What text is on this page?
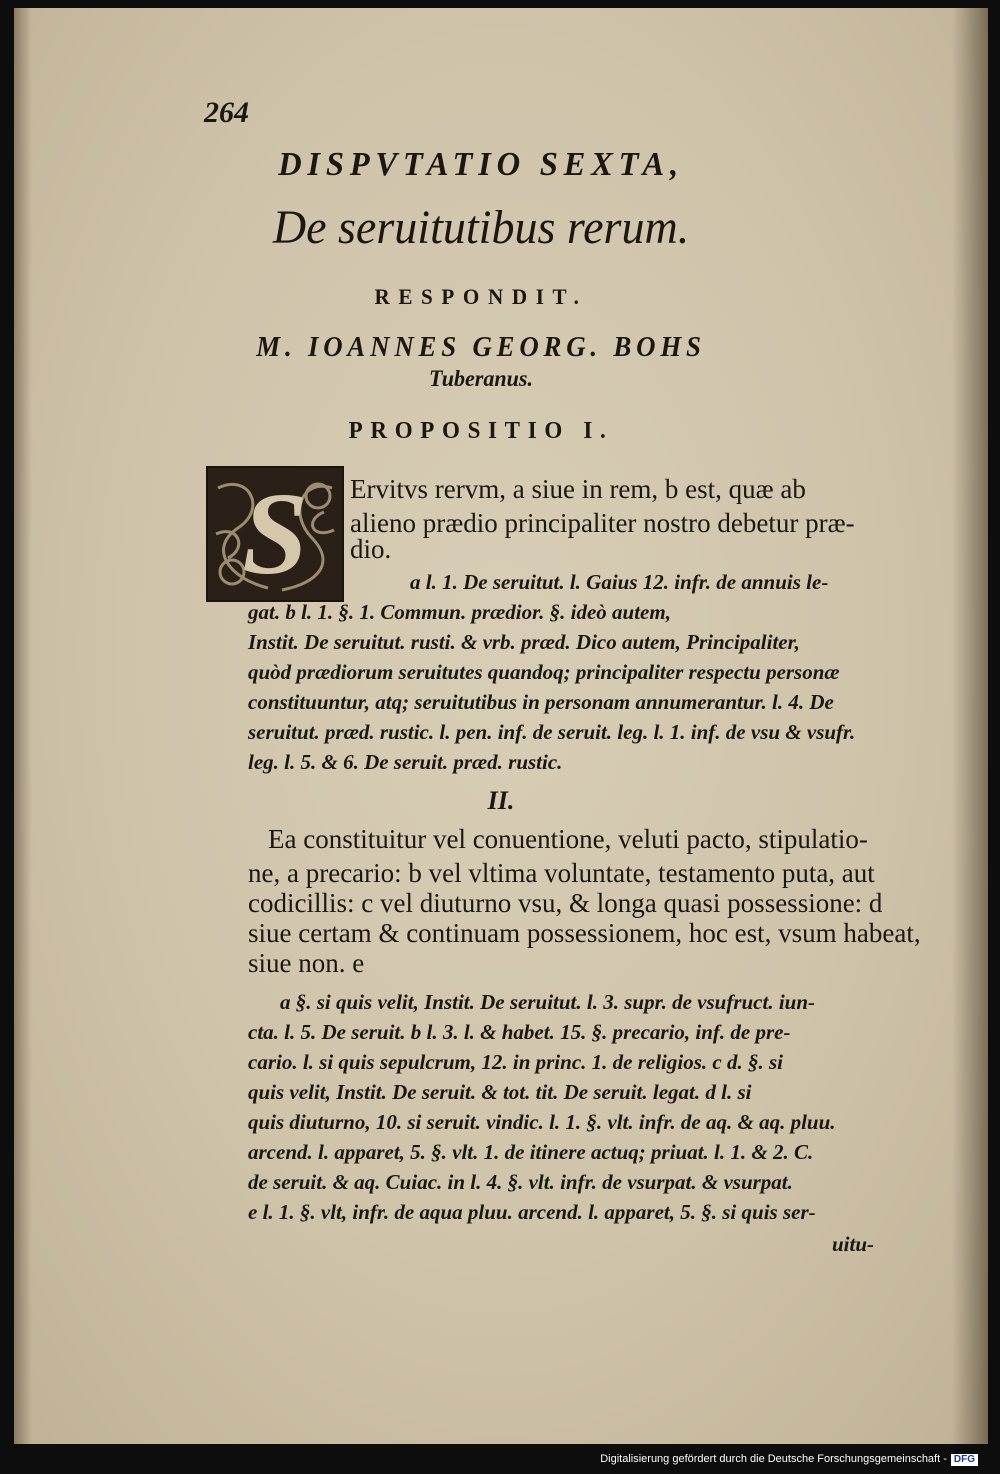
264
DISPVTATIO SEXTA,
De seruitutibus rerum.
RESPONDIT.
M. IOANNES GEORG. BOHS
Tuberanus.
PROPOSITIO I.
S	Ervitvs rervm, a siue in rem, b est, quæ ab
alieno prædio principaliter nostro debetur præ-
dio.
a l. 1. De seruitut. l. Gaius 12. infr. de annuis le-
gat. b l. 1. §. 1. Commun. prædior. §. ideò autem,
Instit. De seruitut. rusti. & vrb. præd. Dico autem, Principaliter,
quòd prædiorum seruitutes quandoq; principaliter respectu personæ
constituuntur, atq; seruitutibus in personam annumerantur. l. 4. De
seruitut. præd. rustic. l. pen. inf. de seruit. leg. l. 1. inf. de vsu & vsufr.
leg. l. 5. & 6. De seruit. præd. rustic.
II.
Ea constituitur vel conuentione, veluti pacto, stipulatio-
ne, a precario: b vel vltima voluntate, testamento puta, aut
codicillis: c vel diuturno vsu, & longa quasi possessione: d
siue certam & continuam possessionem, hoc est, vsum habeat,
siue non. e
a §. si quis velit, Instit. De seruitut. l. 3. supr. de vsufruct. iun-
cta. l. 5. De seruit. b l. 3. l. & habet. 15. §. precario, inf. de pre-
cario. l. si quis sepulcrum, 12. in princ. 1. de religios. c d. §. si
quis velit, Instit. De seruit. & tot. tit. De seruit. legat. d l. si
quis diuturno, 10. si seruit. vindic. l. 1. §. vlt. infr. de aq. & aq. pluu.
arcend. l. apparet, 5. §. vlt. 1. de itinere actuq; priuat. l. 1. & 2. C.
de seruit. & aq. Cuiac. in l. 4. §. vlt. infr. de vsurpat. & vsurpat.
e l. 1. §. vlt, infr. de aqua pluu. arcend. l. apparet, 5. §. si quis ser-
uitu-
Digitalisierung gefördert durch die Deutsche Forschungsgemeinschaft - DFG
